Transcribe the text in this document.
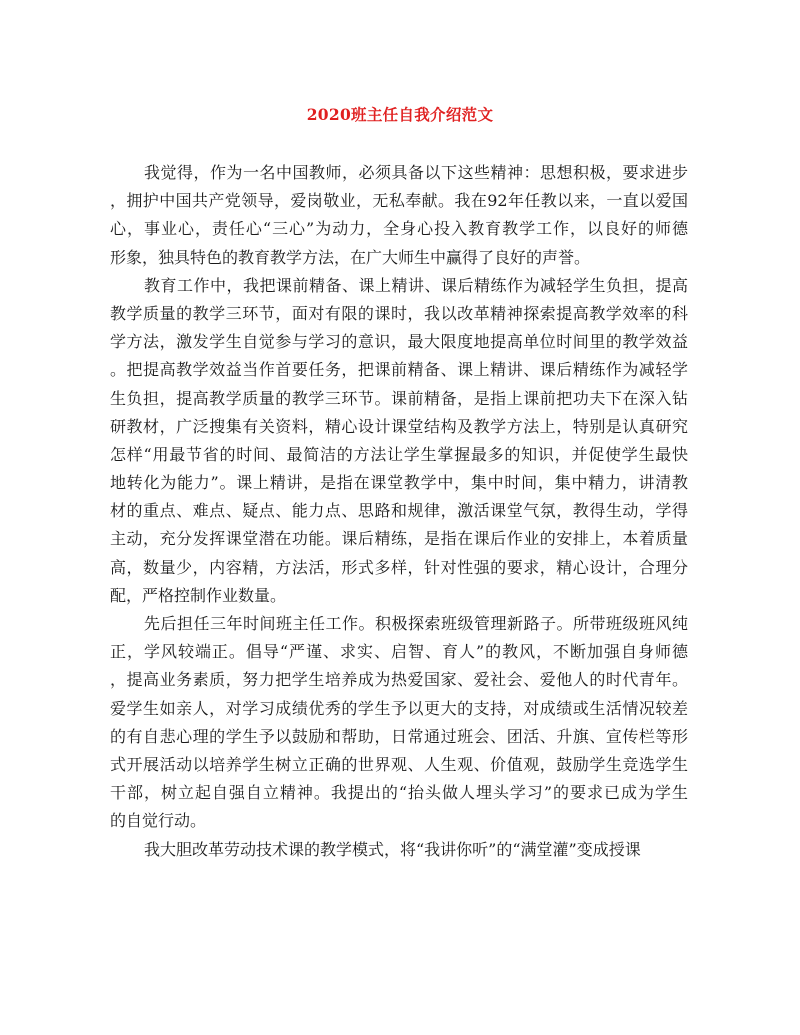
2020班主任自我介绍范文
我觉得，作为一名中国教师，必须具备以下这些精神：思想积极，要求进步
，拥护中国共产党领导，爱岗敬业，无私奉献。我在92年任教以来，一直以爱国
心，事业心，责任心“三心”为动力，全身心投入教育教学工作，以良好的师德
形象，独具特色的教育教学方法，在广大师生中赢得了良好的声誉。
教育工作中，我把课前精备、课上精讲、课后精练作为减轻学生负担，提高
教学质量的教学三环节，面对有限的课时，我以改革精神探索提高教学效率的科
学方法，激发学生自觉参与学习的意识，最大限度地提高单位时间里的教学效益
。把提高教学效益当作首要任务，把课前精备、课上精讲、课后精练作为减轻学
生负担，提高教学质量的教学三环节。课前精备，是指上课前把功夫下在深入钻
研教材，广泛搜集有关资料，精心设计课堂结构及教学方法上，特别是认真研究
怎样“用最节省的时间、最简洁的方法让学生掌握最多的知识，并促使学生最快
地转化为能力”。课上精讲，是指在课堂教学中，集中时间，集中精力，讲清教
材的重点、难点、疑点、能力点、思路和规律，激活课堂气氛，教得生动，学得
主动，充分发挥课堂潜在功能。课后精练，是指在课后作业的安排上，本着质量
高，数量少，内容精，方法活，形式多样，针对性强的要求，精心设计，合理分
配，严格控制作业数量。
先后担任三年时间班主任工作。积极探索班级管理新路子。所带班级班风纯
正，学风较端正。倡导“严谨、求实、启智、育人”的教风，不断加强自身师德
，提高业务素质，努力把学生培养成为热爱国家、爱社会、爱他人的时代青年。
爱学生如亲人，对学习成绩优秀的学生予以更大的支持，对成绩或生活情况较差
的有自悲心理的学生予以鼓励和帮助，日常通过班会、团活、升旗、宣传栏等形
式开展活动以培养学生树立正确的世界观、人生观、价值观，鼓励学生竞选学生
干部，树立起自强自立精神。我提出的“抬头做人埋头学习”的要求已成为学生
的自觉行动。
我大胆改革劳动技术课的教学模式，将“我讲你听”的“满堂灌”变成授课
